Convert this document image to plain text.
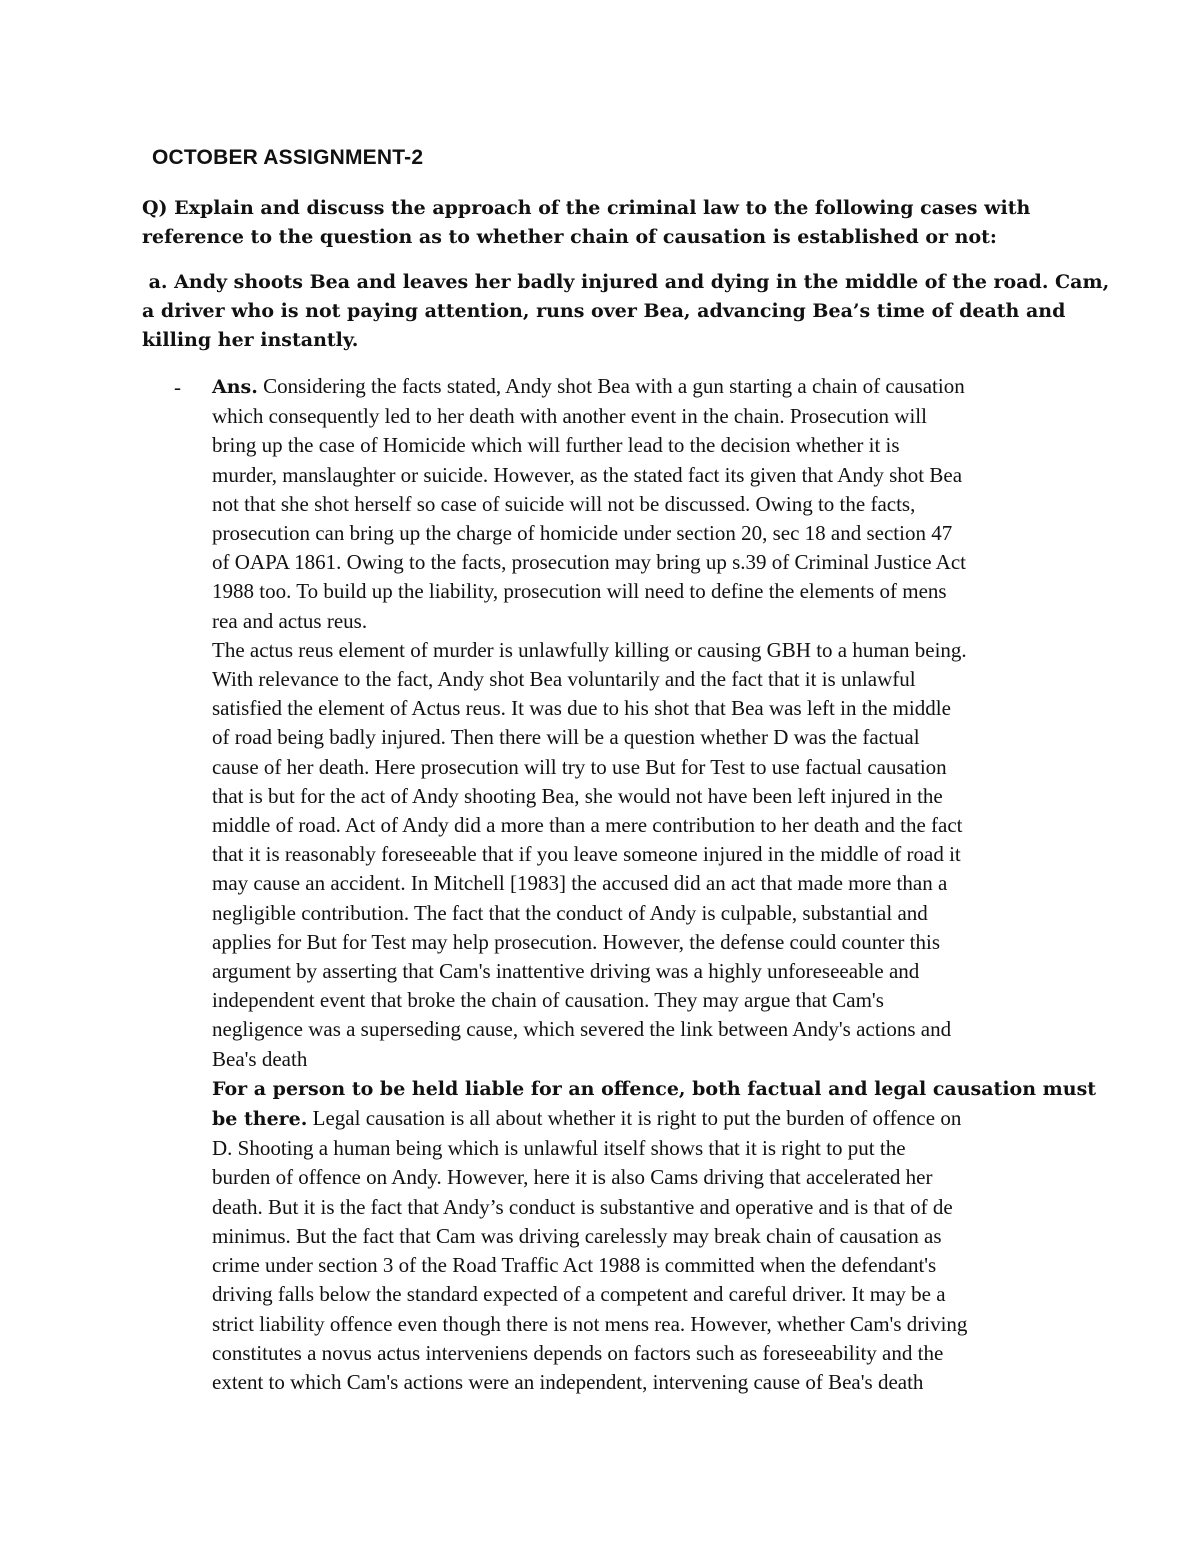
OCTOBER ASSIGNMENT-2

Q) Explain and discuss the approach of the criminal law to the following cases with
reference to the question as to whether chain of causation is established or not:

a. Andy shoots Bea and leaves her badly injured and dying in the middle of the road. Cam,
a driver who is not paying attention, runs over Bea, advancing Bea’s time of death and
killing her instantly.

- Ans. Considering the facts stated, Andy shot Bea with a gun starting a chain of causation
which consequently led to her death with another event in the chain. Prosecution will
bring up the case of Homicide which will further lead to the decision whether it is
murder, manslaughter or suicide. However, as the stated fact its given that Andy shot Bea
not that she shot herself so case of suicide will not be discussed. Owing to the facts,
prosecution can bring up the charge of homicide under section 20, sec 18 and section 47
of OAPA 1861. Owing to the facts, prosecution may bring up s.39 of Criminal Justice Act
1988 too. To build up the liability, prosecution will need to define the elements of mens
rea and actus reus.
The actus reus element of murder is unlawfully killing or causing GBH to a human being.
With relevance to the fact, Andy shot Bea voluntarily and the fact that it is unlawful
satisfied the element of Actus reus. It was due to his shot that Bea was left in the middle
of road being badly injured. Then there will be a question whether D was the factual
cause of her death. Here prosecution will try to use But for Test to use factual causation
that is but for the act of Andy shooting Bea, she would not have been left injured in the
middle of road. Act of Andy did a more than a mere contribution to her death and the fact
that it is reasonably foreseeable that if you leave someone injured in the middle of road it
may cause an accident. In Mitchell [1983] the accused did an act that made more than a
negligible contribution. The fact that the conduct of Andy is culpable, substantial and
applies for But for Test may help prosecution. However, the defense could counter this
argument by asserting that Cam's inattentive driving was a highly unforeseeable and
independent event that broke the chain of causation. They may argue that Cam's
negligence was a superseding cause, which severed the link between Andy's actions and
Bea's death
For a person to be held liable for an offence, both factual and legal causation must
be there. Legal causation is all about whether it is right to put the burden of offence on
D. Shooting a human being which is unlawful itself shows that it is right to put the
burden of offence on Andy. However, here it is also Cams driving that accelerated her
death. But it is the fact that Andy’s conduct is substantive and operative and is that of de
minimus. But the fact that Cam was driving carelessly may break chain of causation as
crime under section 3 of the Road Traffic Act 1988 is committed when the defendant's
driving falls below the standard expected of a competent and careful driver. It may be a
strict liability offence even though there is not mens rea. However, whether Cam's driving
constitutes a novus actus interveniens depends on factors such as foreseeability and the
extent to which Cam's actions were an independent, intervening cause of Bea's death
